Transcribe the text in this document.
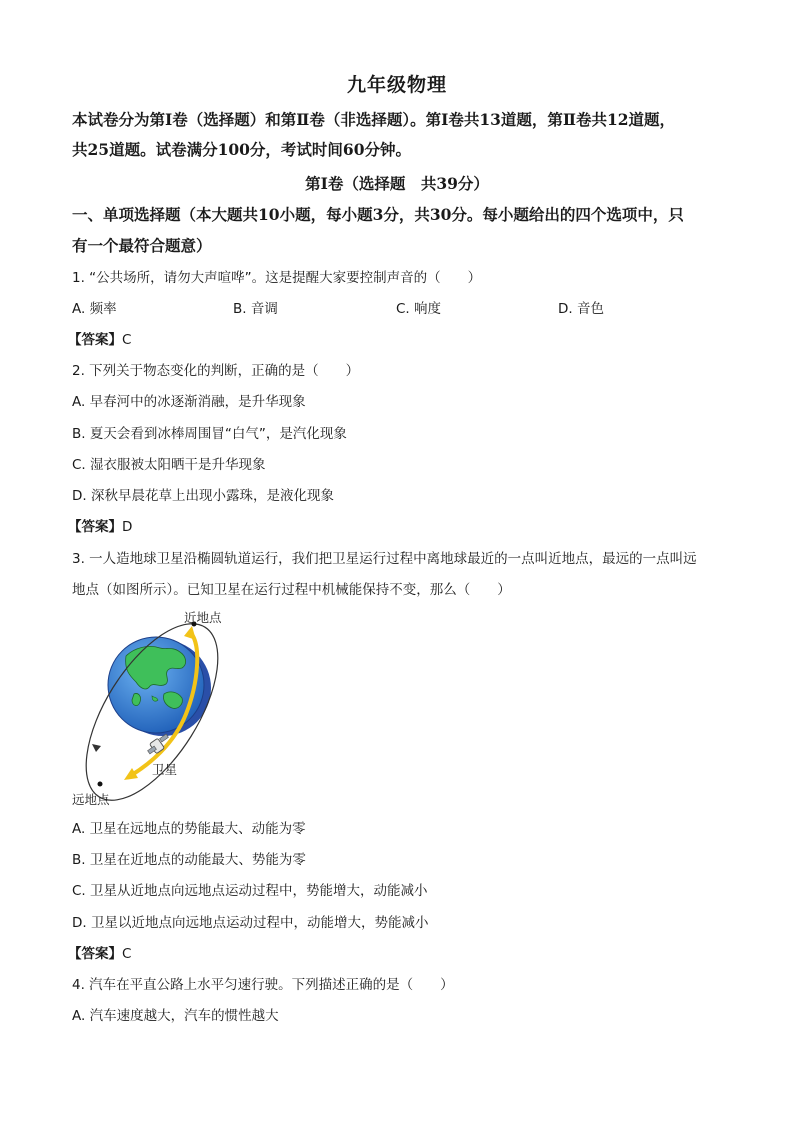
九年级物理
本试卷分为第Ⅰ卷（选择题）和第Ⅱ卷（非选择题）。第Ⅰ卷共13道题，第Ⅱ卷共12道题，
共25道题。试卷满分100分，考试时间60分钟。
第Ⅰ卷（选择题　共39分）
一、单项选择题（本大题共10小题，每小题3分，共30分。每小题给出的四个选项中，只
有一个最符合题意）
1. “公共场所，请勿大声喧哗”。这是提醒大家要控制声音的（　　）
A. 频率	B. 音调	C. 响度	D. 音色
【答案】C
2. 下列关于物态变化的判断，正确的是（　　）
A. 早春河中的冰逐渐消融，是升华现象
B. 夏天会看到冰棒周围冒“白气”，是汽化现象
C. 湿衣服被太阳晒干是升华现象
D. 深秋早晨花草上出现小露珠，是液化现象
【答案】D
3. 一人造地球卫星沿椭圆轨道运行，我们把卫星运行过程中离地球最近的一点叫近地点，最远的一点叫远
地点（如图所示）。已知卫星在运行过程中机械能保持不变，那么（　　）
近地点
卫星
远地点
A. 卫星在远地点的势能最大、动能为零
B. 卫星在近地点的动能最大、势能为零
C. 卫星从近地点向远地点运动过程中，势能增大，动能减小
D. 卫星以近地点向远地点运动过程中，动能增大，势能减小
【答案】C
4. 汽车在平直公路上水平匀速行驶。下列描述正确的是（　　）
A. 汽车速度越大，汽车的惯性越大
